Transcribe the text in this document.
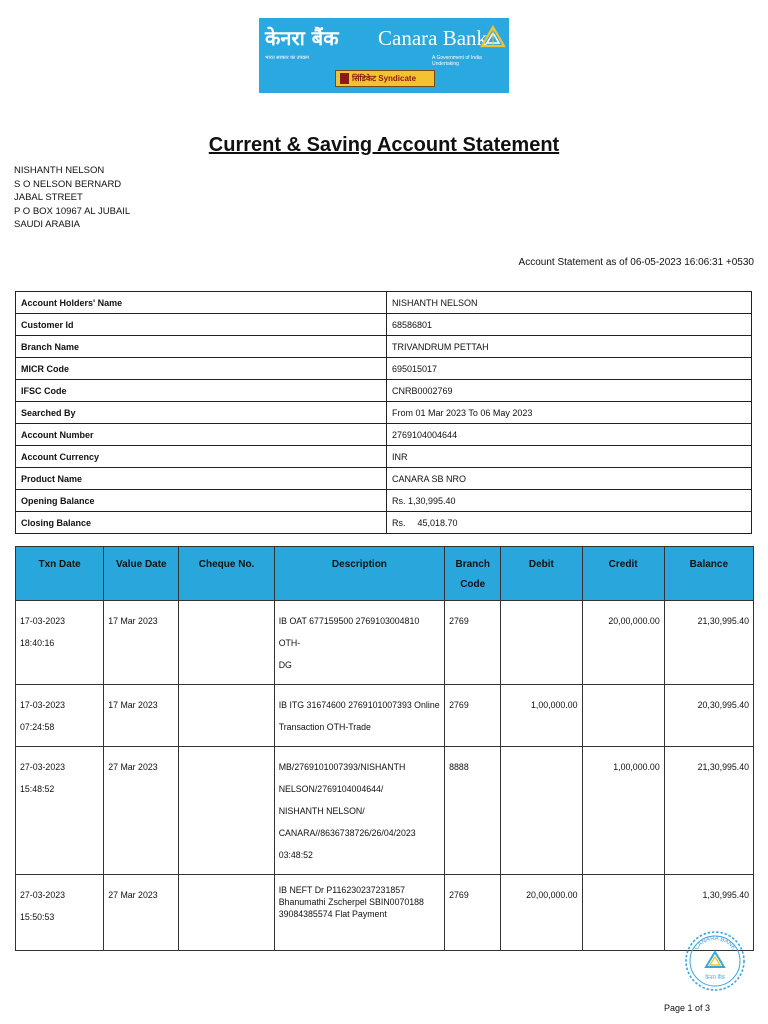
केनरा बैंक Canara Bank
भारत सरकार का उपक्रम	A Government of India Undertaking
सिंडिकेट Syndicate
Current & Saving Account Statement
NISHANTH NELSON
S O NELSON BERNARD
JABAL STREET
P O BOX 10967 AL JUBAIL
SAUDI ARABIA
Account Statement as of 06-05-2023 16:06:31 +0530
Account Holders' Name	NISHANTH NELSON
Customer Id	68586801
Branch Name	TRIVANDRUM PETTAH
MICR Code	695015017
IFSC Code	CNRB0002769
Searched By	From 01 Mar 2023 To 06 May 2023
Account Number	2769104004644
Account Currency	INR
Product Name	CANARA SB NRO
Opening Balance	Rs. 1,30,995.40
Closing Balance	Rs. 45,018.70
Txn Date	Value Date	Cheque No.	Description	Branch
Code	Debit	Credit	Balance
17-03-2023 18:40:16	17 Mar 2023		IB OAT 677159500 2769103004810 OTH-
DG	2769		20,00,000.00	21,30,995.40
17-03-2023 07:24:58	17 Mar 2023		IB ITG 31674600 2769101007393 Online
Transaction OTH-Trade	2769	1,00,000.00		20,30,995.40
27-03-2023 15:48:52	27 Mar 2023		MB/2769101007393/NISHANTH
NELSON/2769104004644/
NISHANTH NELSON/
CANARA//8636738726/26/04/2023
03:48:52	8888		1,00,000.00	21,30,995.40
27-03-2023 15:50:53	27 Mar 2023		IB NEFT Dr P116230237231857
Bhanumathi Zscherpel SBIN0070188
39084385574 Flat Payment	2769	20,00,000.00		1,30,995.40
CANARA BANK
केनरा बैंक
Page 1 of 3
